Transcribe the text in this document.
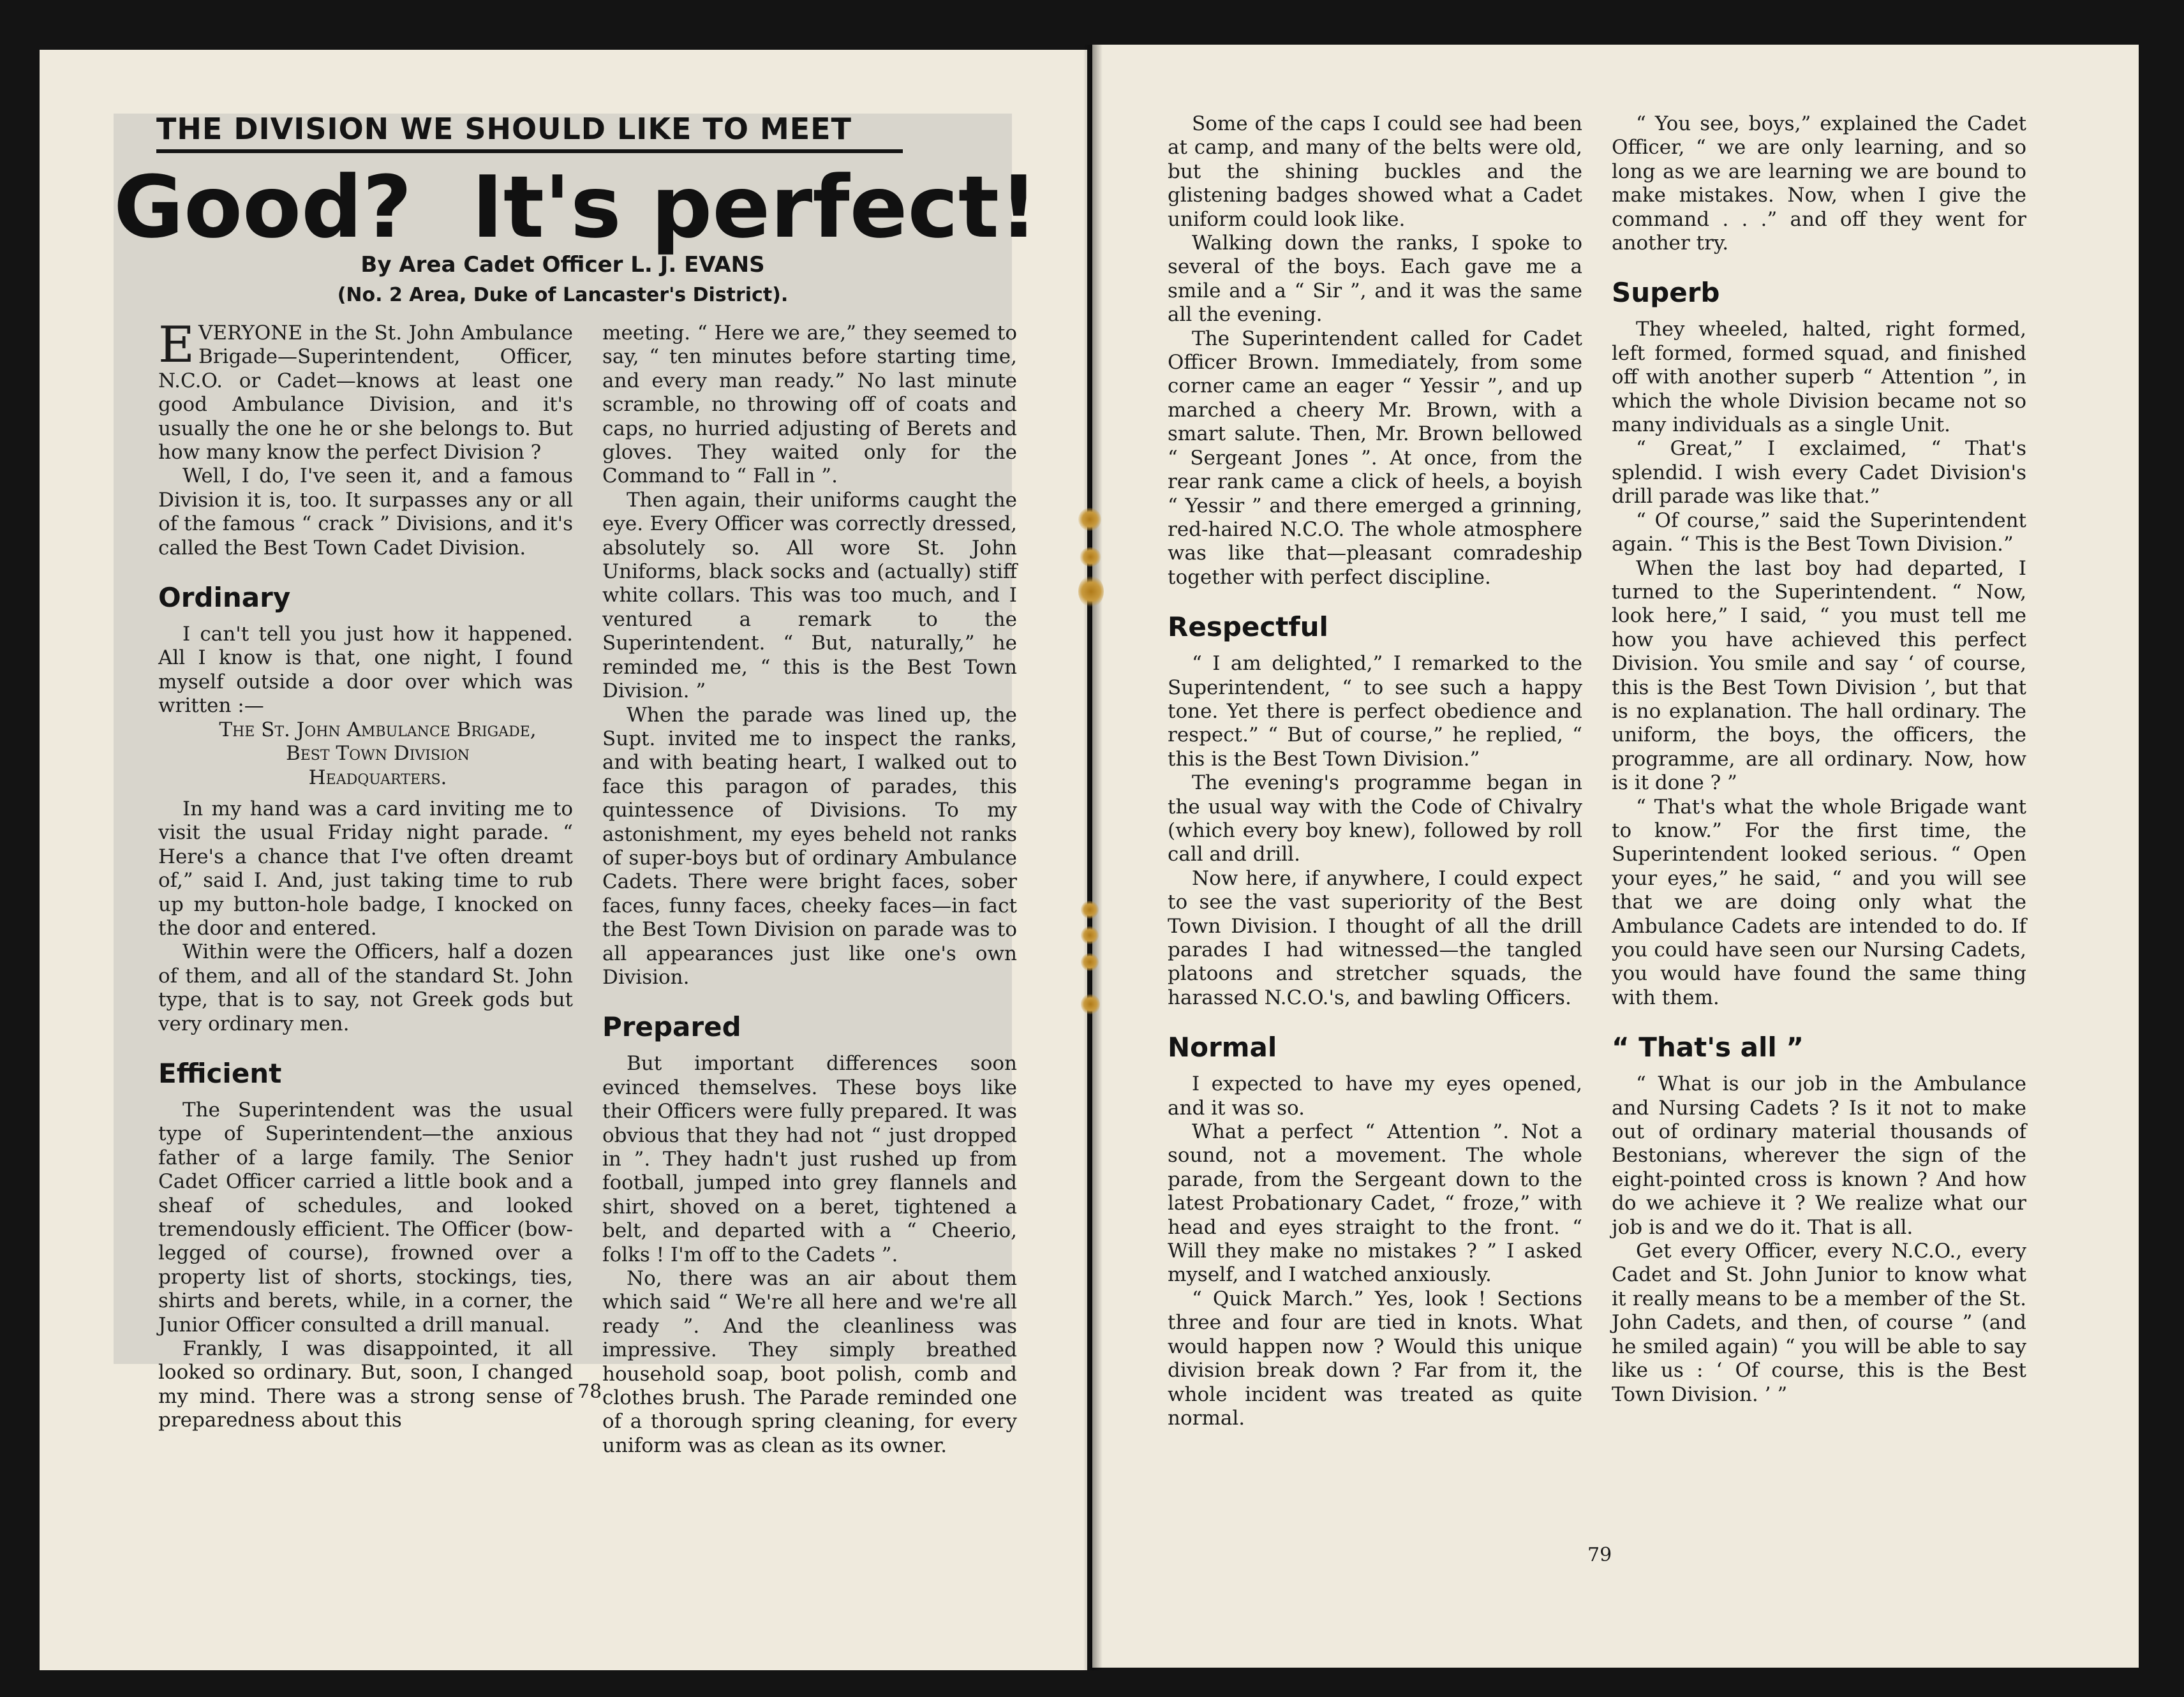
THE DIVISION WE SHOULD LIKE TO MEET
Good?  It's perfect!
By Area Cadet Officer L. J. EVANS
(No. 2 Area, Duke of Lancaster's District).

EVERYONE in the St. John Ambulance Brigade—Superintendent, Officer, N.C.O. or Cadet—knows at least one good Ambulance Division, and it's usually the one he or she belongs to. But how many know the perfect Division ?

Well, I do, I've seen it, and a famous Division it is, too. It surpasses any or all of the famous “ crack ” Divisions, and it's called the Best Town Cadet Division.

Ordinary

I can't tell you just how it happened. All I know is that, one night, I found myself outside a door over which was written :—

The St. John Ambulance Brigade,

Best Town Division

Headquarters.

In my hand was a card inviting me to visit the usual Friday night parade. “ Here's a chance that I've often dreamt of,” said I. And, just taking time to rub up my button-hole badge, I knocked on the door and entered.

Within were the Officers, half a dozen of them, and all of the standard St. John type, that is to say, not Greek gods but very ordinary men.

Efficient

The Superintendent was the usual type of Superintendent—the anxious father of a large family. The Senior Cadet Officer carried a little book and a sheaf of schedules, and looked tremendously efficient. The Officer (bow-legged of course), frowned over a property list of shorts, stockings, ties, shirts and berets, while, in a corner, the Junior Officer consulted a drill manual.

Frankly, I was disappointed, it all looked so ordinary. But, soon, I changed my mind. There was a strong sense of preparedness about this

meeting. “ Here we are,” they seemed to say, “ ten minutes before starting time, and every man ready.” No last minute scramble, no throwing off of coats and caps, no hurried adjusting of Berets and gloves. They waited only for the Command to “ Fall in ”.

Then again, their uniforms caught the eye. Every Officer was correctly dressed, absolutely so. All wore St. John Uniforms, black socks and (actually) stiff white collars. This was too much, and I ventured a remark to the Superintendent. “ But, naturally,” he reminded me, “ this is the Best Town Division. ”

When the parade was lined up, the Supt. invited me to inspect the ranks, and with beating heart, I walked out to face this paragon of parades, this quintessence of Divisions. To my astonishment, my eyes beheld not ranks of super-boys but of ordinary Ambulance Cadets. There were bright faces, sober faces, funny faces, cheeky faces—in fact the Best Town Division on parade was to all appearances just like one's own Division.

Prepared

But important differences soon evinced themselves. These boys like their Officers were fully prepared. It was obvious that they had not “ just dropped in ”. They hadn't just rushed up from football, jumped into grey flannels and shirt, shoved on a beret, tightened a belt, and departed with a “ Cheerio, folks ! I'm off to the Cadets ”.

No, there was an air about them which said “ We're all here and we're all ready ”. And the cleanliness was impressive. They simply breathed household soap, boot polish, comb and clothes brush. The Parade reminded one of a thorough spring cleaning, for every uniform was as clean as its owner.

78

Some of the caps I could see had been at camp, and many of the belts were old, but the shining buckles and the glistening badges showed what a Cadet uniform could look like.

Walking down the ranks, I spoke to several of the boys. Each gave me a smile and a “ Sir ”, and it was the same all the evening.

The Superintendent called for Cadet Officer Brown. Immediately, from some corner came an eager “ Yessir ”, and up marched a cheery Mr. Brown, with a smart salute. Then, Mr. Brown bellowed “ Sergeant Jones ”. At once, from the rear rank came a click of heels, a boyish “ Yessir ” and there emerged a grinning, red-haired N.C.O. The whole atmosphere was like that—pleasant comradeship together with perfect discipline.

Respectful

“ I am delighted,” I remarked to the Superintendent, “ to see such a happy tone. Yet there is perfect obedience and respect.” “ But of course,” he replied, “ this is the Best Town Division.”

The evening's programme began in the usual way with the Code of Chivalry (which every boy knew), followed by roll call and drill.

Now here, if anywhere, I could expect to see the vast superiority of the Best Town Division. I thought of all the drill parades I had witnessed—the tangled platoons and stretcher squads, the harassed N.C.O.'s, and bawling Officers.

Normal

I expected to have my eyes opened, and it was so.

What a perfect “ Attention ”. Not a sound, not a movement. The whole parade, from the Sergeant down to the latest Probationary Cadet, “ froze,” with head and eyes straight to the front. “ Will they make no mistakes ? ” I asked myself, and I watched anxiously.

“ Quick March.” Yes, look ! Sections three and four are tied in knots. What would happen now ? Would this unique division break down ? Far from it, the whole incident was treated as quite normal.

“ You see, boys,” explained the Cadet Officer, “ we are only learning, and so long as we are learning we are bound to make mistakes. Now, when I give the command . . .” and off they went for another try.

Superb

They wheeled, halted, right formed, left formed, formed squad, and finished off with another superb “ Attention ”, in which the whole Division became not so many individuals as a single Unit.

“ Great,” I exclaimed, “ That's splendid. I wish every Cadet Division's drill parade was like that.”

“ Of course,” said the Superintendent again. “ This is the Best Town Division.”

When the last boy had departed, I turned to the Superintendent. “ Now, look here,” I said, “ you must tell me how you have achieved this perfect Division. You smile and say ‘ of course, this is the Best Town Division ’, but that is no explanation. The hall ordinary. The uniform, the boys, the officers, the programme, are all ordinary. Now, how is it done ? ”

“ That's what the whole Brigade want to know.” For the first time, the Superintendent looked serious. “ Open your eyes,” he said, “ and you will see that we are doing only what the Ambulance Cadets are intended to do. If you could have seen our Nursing Cadets, you would have found the same thing with them.

“ That's all ”

“ What is our job in the Ambulance and Nursing Cadets ? Is it not to make out of ordinary material thousands of Bestonians, wherever the sign of the eight-pointed cross is known ? And how do we achieve it ? We realize what our job is and we do it. That is all.

Get every Officer, every N.C.O., every Cadet and St. John Junior to know what it really means to be a member of the St. John Cadets, and then, of course ” (and he smiled again) “ you will be able to say like us : ‘ Of course, this is the Best Town Division. ’ ”

79
